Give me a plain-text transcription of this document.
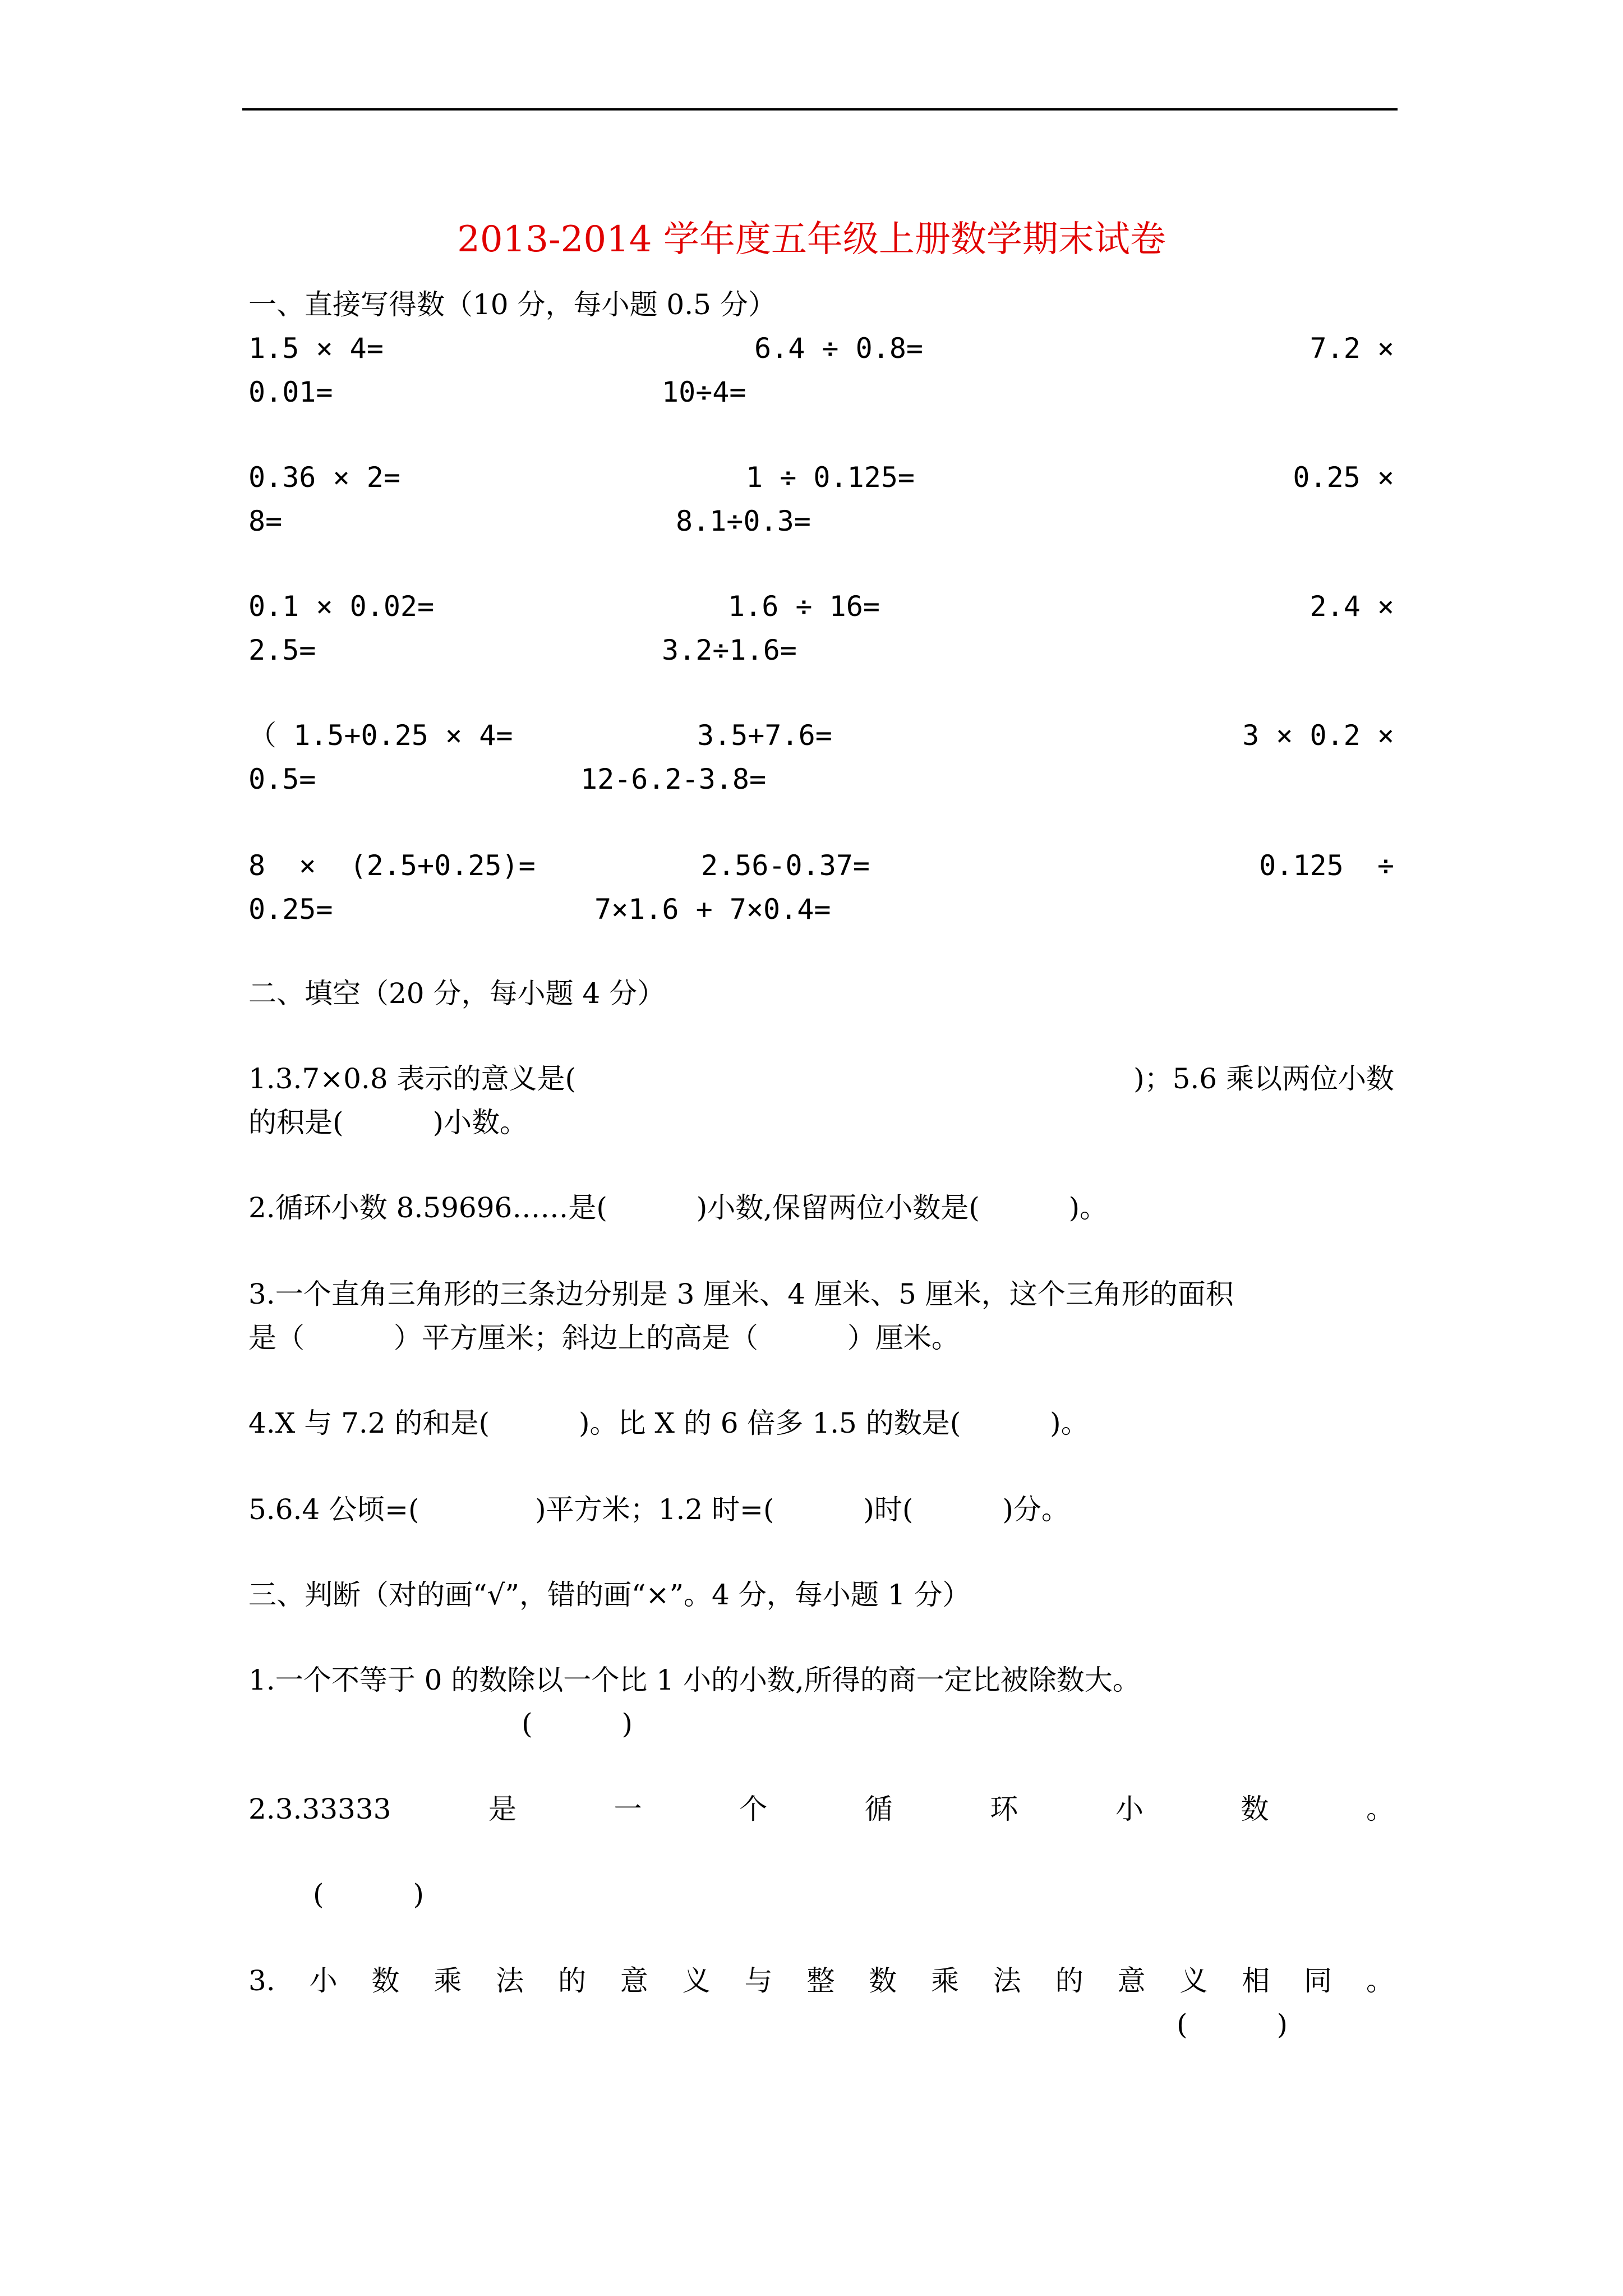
2013-2014 学年度五年级上册数学期末试卷
一、直接写得数（10 分，每小题 0.5 分）
1.5 × 4=	6.4 ÷ 0.8=	7.2 ×
0.01=	10÷4=
0.36 × 2=	1 ÷ 0.125=	0.25 ×
8=	8.1÷0.3=
0.1 × 0.02=	1.6 ÷ 16=	2.4 ×
2.5=	3.2÷1.6=
（ 1.5+0.25 × 4=	3.5+7.6=	3 × 0.2 ×
0.5=	12-6.2-3.8=
8  ×  (2.5+0.25)=	2.56-0.37=	0.125  ÷
0.25=	7×1.6 + 7×0.4=
二、填空（20 分，每小题 4 分）
1.3.7×0.8 表示的意义是(	)；5.6 乘以两位小数
的积是(          )小数。
2.循环小数 8.59696……是(          )小数,保留两位小数是(          )。
3.一个直角三角形的三条边分别是 3 厘米、4 厘米、5 厘米，这个三角形的面积
是（          ）平方厘米；斜边上的高是（          ）厘米。
4.X 与 7.2 的和是(          )。比 X 的 6 倍多 1.5 的数是(          )。
5.6.4 公顷=(             )平方米；1.2 时=(          )时(          )分。
三、判断（对的画“√”，错的画“×”。4 分，每小题 1 分）
1.一个不等于 0 的数除以一个比 1 小的小数,所得的商一定比被除数大。
(          )
2.3.33333	是	一	个	循	环	小	数	。
(          )
3. 小 数 乘 法 的 意 义 与 整 数 乘 法 的 意 义 相 同 。
(          )
